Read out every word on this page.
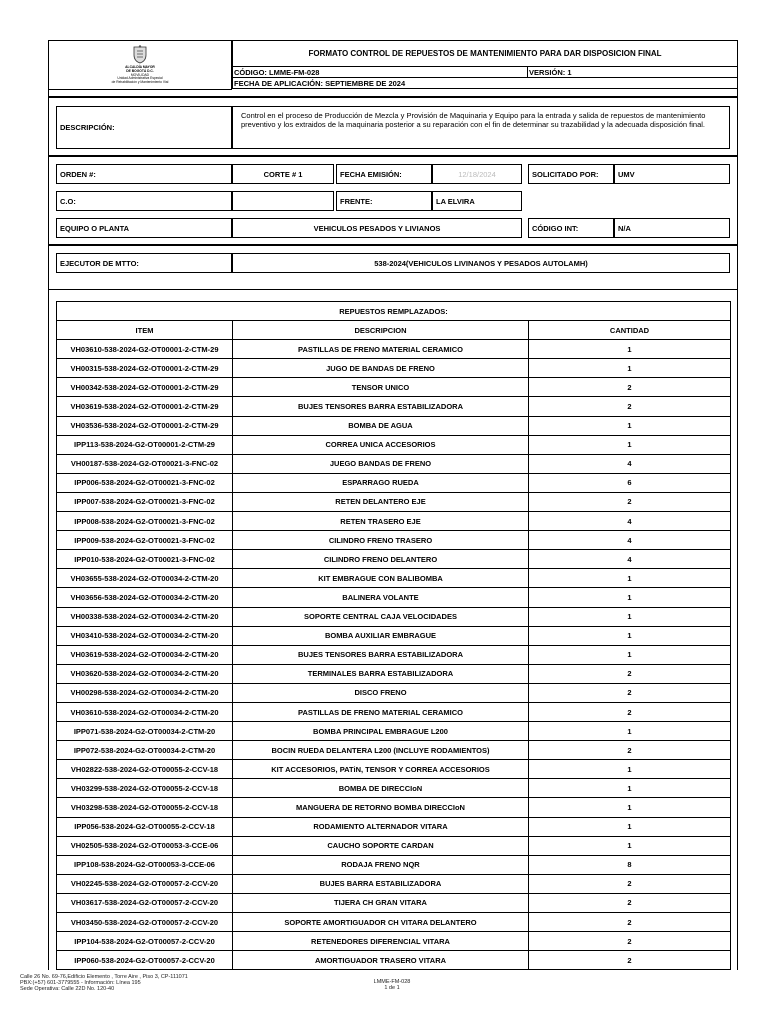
ALCALDÍA MAYOR
DE BOGOTÁ D.C.
MOVILIDAD
Unidad Administrativa Especial
de Rehabilitación y Mantenimiento Vial
FORMATO CONTROL DE REPUESTOS DE MANTENIMIENTO PARA DAR DISPOSICION FINAL
CÓDIGO: LMME-FM-028	VERSIÓN: 1
FECHA DE APLICACIÓN: SEPTIEMBRE DE 2024
DESCRIPCIÓN:
Control en el proceso de Producción de Mezcla y Provisión de Maquinaria y Equipo para la entrada y salida de repuestos de mantenimiento preventivo y los extraidos de la maquinaria posterior a su reparación con el fin de determinar su trazabilidad y la adecuada disposición final.
ORDEN #:	CORTE # 1	FECHA EMISIÓN:	12/18/2024	SOLICITADO POR:	UMV
C.O:	FRENTE:	LA ELVIRA
EQUIPO O PLANTA	VEHICULOS PESADOS Y LIVIANOS	CÓDIGO INT:	N/A
EJECUTOR DE MTTO:	538-2024(VEHICULOS LIVINANOS Y PESADOS AUTOLAMH)
REPUESTOS REMPLAZADOS:		
ITEM	DESCRIPCION	CANTIDAD
VH03610-538-2024-G2-OT00001-2-CTM-29	PASTILLAS DE FRENO MATERIAL CERAMICO	1
VH00315-538-2024-G2-OT00001-2-CTM-29	JUGO DE BANDAS DE FRENO	1
VH00342-538-2024-G2-OT00001-2-CTM-29	TENSOR UNICO	2
VH03619-538-2024-G2-OT00001-2-CTM-29	BUJES TENSORES BARRA ESTABILIZADORA	2
VH03536-538-2024-G2-OT00001-2-CTM-29	BOMBA DE AGUA	1
IPP113-538-2024-G2-OT00001-2-CTM-29	CORREA UNICA ACCESORIOS	1
VH00187-538-2024-G2-OT00021-3-FNC-02	JUEGO BANDAS DE FRENO	4
IPP006-538-2024-G2-OT00021-3-FNC-02	ESPARRAGO RUEDA	6
IPP007-538-2024-G2-OT00021-3-FNC-02	RETEN DELANTERO EJE	2
IPP008-538-2024-G2-OT00021-3-FNC-02	RETEN TRASERO EJE	4
IPP009-538-2024-G2-OT00021-3-FNC-02	CILINDRO FRENO TRASERO	4
IPP010-538-2024-G2-OT00021-3-FNC-02	CILINDRO FRENO DELANTERO	4
VH03655-538-2024-G2-OT00034-2-CTM-20	KIT EMBRAGUE CON BALIBOMBA	1
VH03656-538-2024-G2-OT00034-2-CTM-20	BALINERA VOLANTE	1
VH00338-538-2024-G2-OT00034-2-CTM-20	SOPORTE CENTRAL CAJA VELOCIDADES	1
VH03410-538-2024-G2-OT00034-2-CTM-20	BOMBA AUXILIAR EMBRAGUE	1
VH03619-538-2024-G2-OT00034-2-CTM-20	BUJES TENSORES BARRA ESTABILIZADORA	1
VH03620-538-2024-G2-OT00034-2-CTM-20	TERMINALES BARRA ESTABILIZADORA	2
VH00298-538-2024-G2-OT00034-2-CTM-20	DISCO FRENO	2
VH03610-538-2024-G2-OT00034-2-CTM-20	PASTILLAS DE FRENO MATERIAL CERAMICO	2
IPP071-538-2024-G2-OT00034-2-CTM-20	BOMBA PRINCIPAL EMBRAGUE L200	1
IPP072-538-2024-G2-OT00034-2-CTM-20	BOCIN RUEDA DELANTERA L200 (INCLUYE RODAMIENTOS)	2
VH02822-538-2024-G2-OT00055-2-CCV-18	KIT ACCESORIOS, PATiN, TENSOR Y CORREA ACCESORIOS	1
VH03299-538-2024-G2-OT00055-2-CCV-18	BOMBA DE DIRECCIoN	1
VH03298-538-2024-G2-OT00055-2-CCV-18	MANGUERA DE RETORNO BOMBA DIRECCIoN	1
IPP056-538-2024-G2-OT00055-2-CCV-18	RODAMIENTO ALTERNADOR VITARA	1
VH02505-538-2024-G2-OT00053-3-CCE-06	CAUCHO SOPORTE CARDAN	1
IPP108-538-2024-G2-OT00053-3-CCE-06	RODAJA FRENO NQR	8
VH02245-538-2024-G2-OT00057-2-CCV-20	BUJES BARRA ESTABILIZADORA	2
VH03617-538-2024-G2-OT00057-2-CCV-20	TIJERA CH GRAN VITARA	2
VH03450-538-2024-G2-OT00057-2-CCV-20	SOPORTE AMORTIGUADOR CH VITARA DELANTERO	2
IPP104-538-2024-G2-OT00057-2-CCV-20	RETENEDORES DIFERENCIAL VITARA	2
IPP060-538-2024-G2-OT00057-2-CCV-20	AMORTIGUADOR TRASERO VITARA	2
Calle 26 No. 69-76,Edificio Elemento , Torre Aire , Piso 3, CP-111071
PBX:(+57) 601-3779555 - Información: Línea 195
Sede Operativa: Calle 22D No. 120-40
LMME-FM-028
1 de 1
